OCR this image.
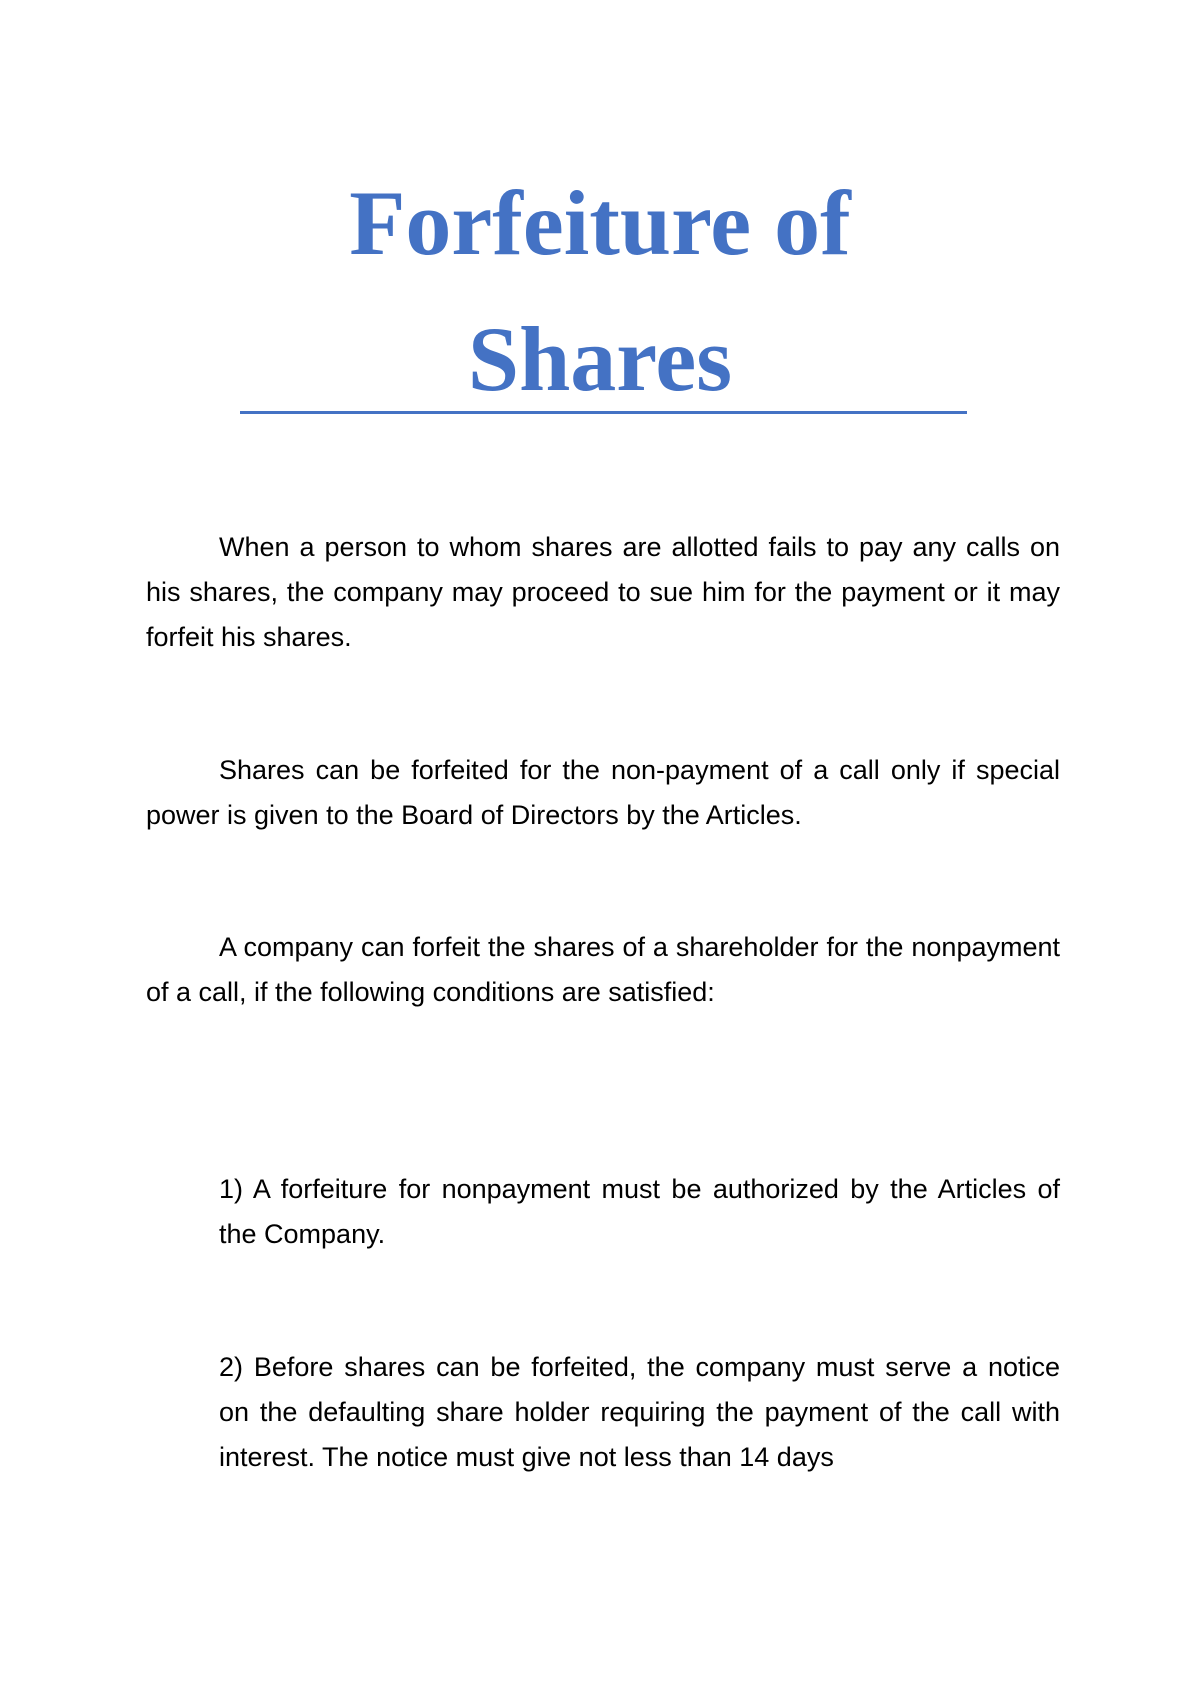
Forfeiture of
Shares

When a person to whom shares are allotted fails to pay any calls on his shares, the company may proceed to sue him for the payment or it may forfeit his shares.

Shares can be forfeited for the non-payment of a call only if special power is given to the Board of Directors by the Articles.

A company can forfeit the shares of a shareholder for the nonpayment of a call, if the following conditions are satisfied:

1) A forfeiture for nonpayment must be authorized by the Articles of the Company.

2) Before shares can be forfeited, the company must serve a notice on the defaulting share holder requiring the payment of the call with interest. The notice must give not less than 14 days
